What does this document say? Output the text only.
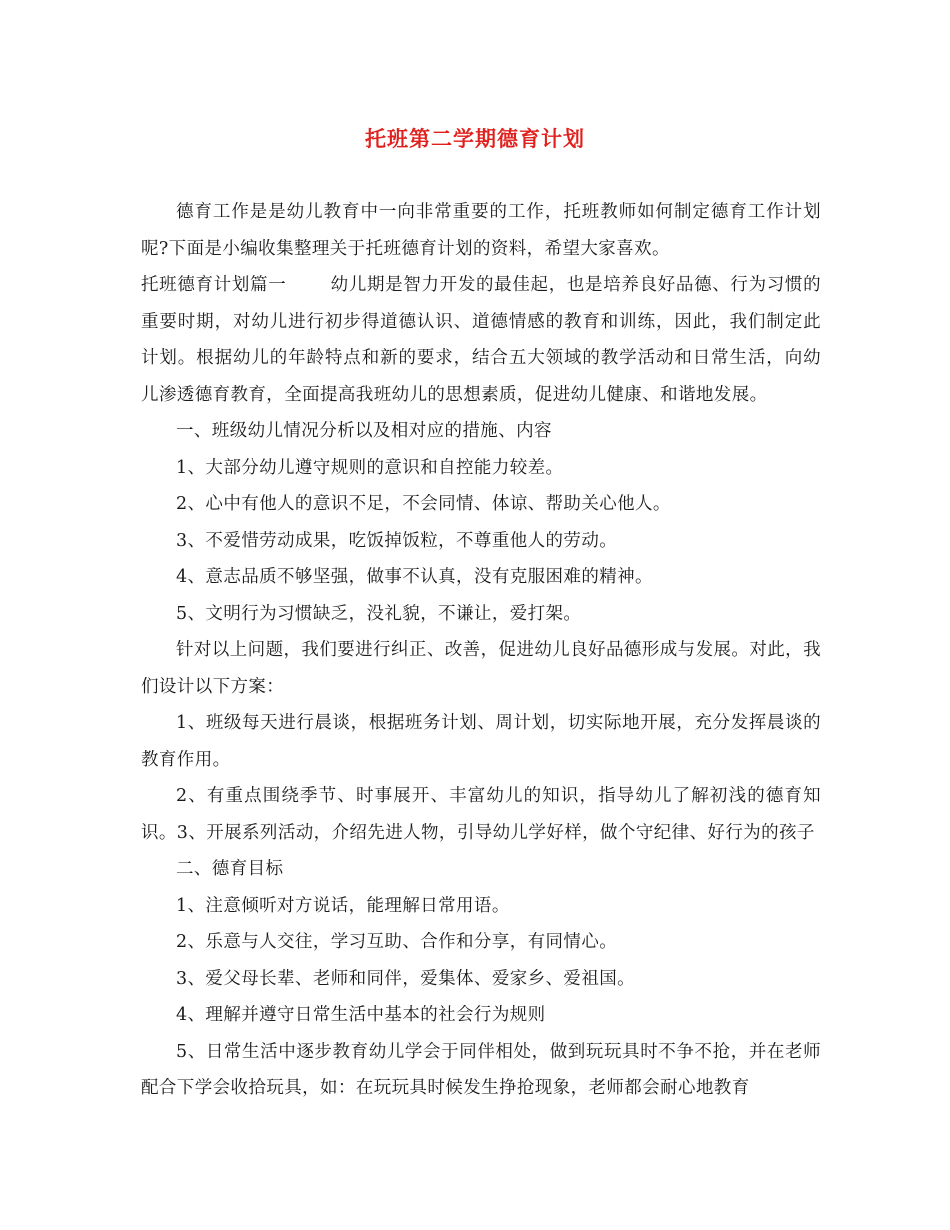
托班第二学期德育计划

德育工作是是幼儿教育中一向非常重要的工作，托班教师如何制定德育工作计划呢?下面是小编收集整理关于托班德育计划的资料，希望大家喜欢。

托班德育计划篇一	幼儿期是智力开发的最佳起，也是培养良好品德、行为习惯的重要时期，对幼儿进行初步得道德认识、道德情感的教育和训练，因此，我们制定此计划。根据幼儿的年龄特点和新的要求，结合五大领域的教学活动和日常生活，向幼儿渗透德育教育，全面提高我班幼儿的思想素质，促进幼儿健康、和谐地发展。

一、班级幼儿情况分析以及相对应的措施、内容

1、大部分幼儿遵守规则的意识和自控能力较差。

2、心中有他人的意识不足，不会同情、体谅、帮助关心他人。

3、不爱惜劳动成果，吃饭掉饭粒，不尊重他人的劳动。

4、意志品质不够坚强，做事不认真，没有克服困难的精神。

5、文明行为习惯缺乏，没礼貌，不谦让，爱打架。

针对以上问题，我们要进行纠正、改善，促进幼儿良好品德形成与发展。对此，我们设计以下方案：

1、班级每天进行晨谈，根据班务计划、周计划，切实际地开展，充分发挥晨谈的教育作用。

2、有重点围绕季节、时事展开、丰富幼儿的知识，指导幼儿了解初浅的德育知识。3、开展系列活动，介绍先进人物，引导幼儿学好样，做个守纪律、好行为的孩子

二、德育目标

1、注意倾听对方说话，能理解日常用语。

2、乐意与人交往，学习互助、合作和分享，有同情心。

3、爱父母长辈、老师和同伴，爱集体、爱家乡、爱祖国。

4、理解并遵守日常生活中基本的社会行为规则

5、日常生活中逐步教育幼儿学会于同伴相处，做到玩玩具时不争不抢，并在老师配合下学会收拾玩具，如：在玩玩具时候发生挣抢现象，老师都会耐心地教育
